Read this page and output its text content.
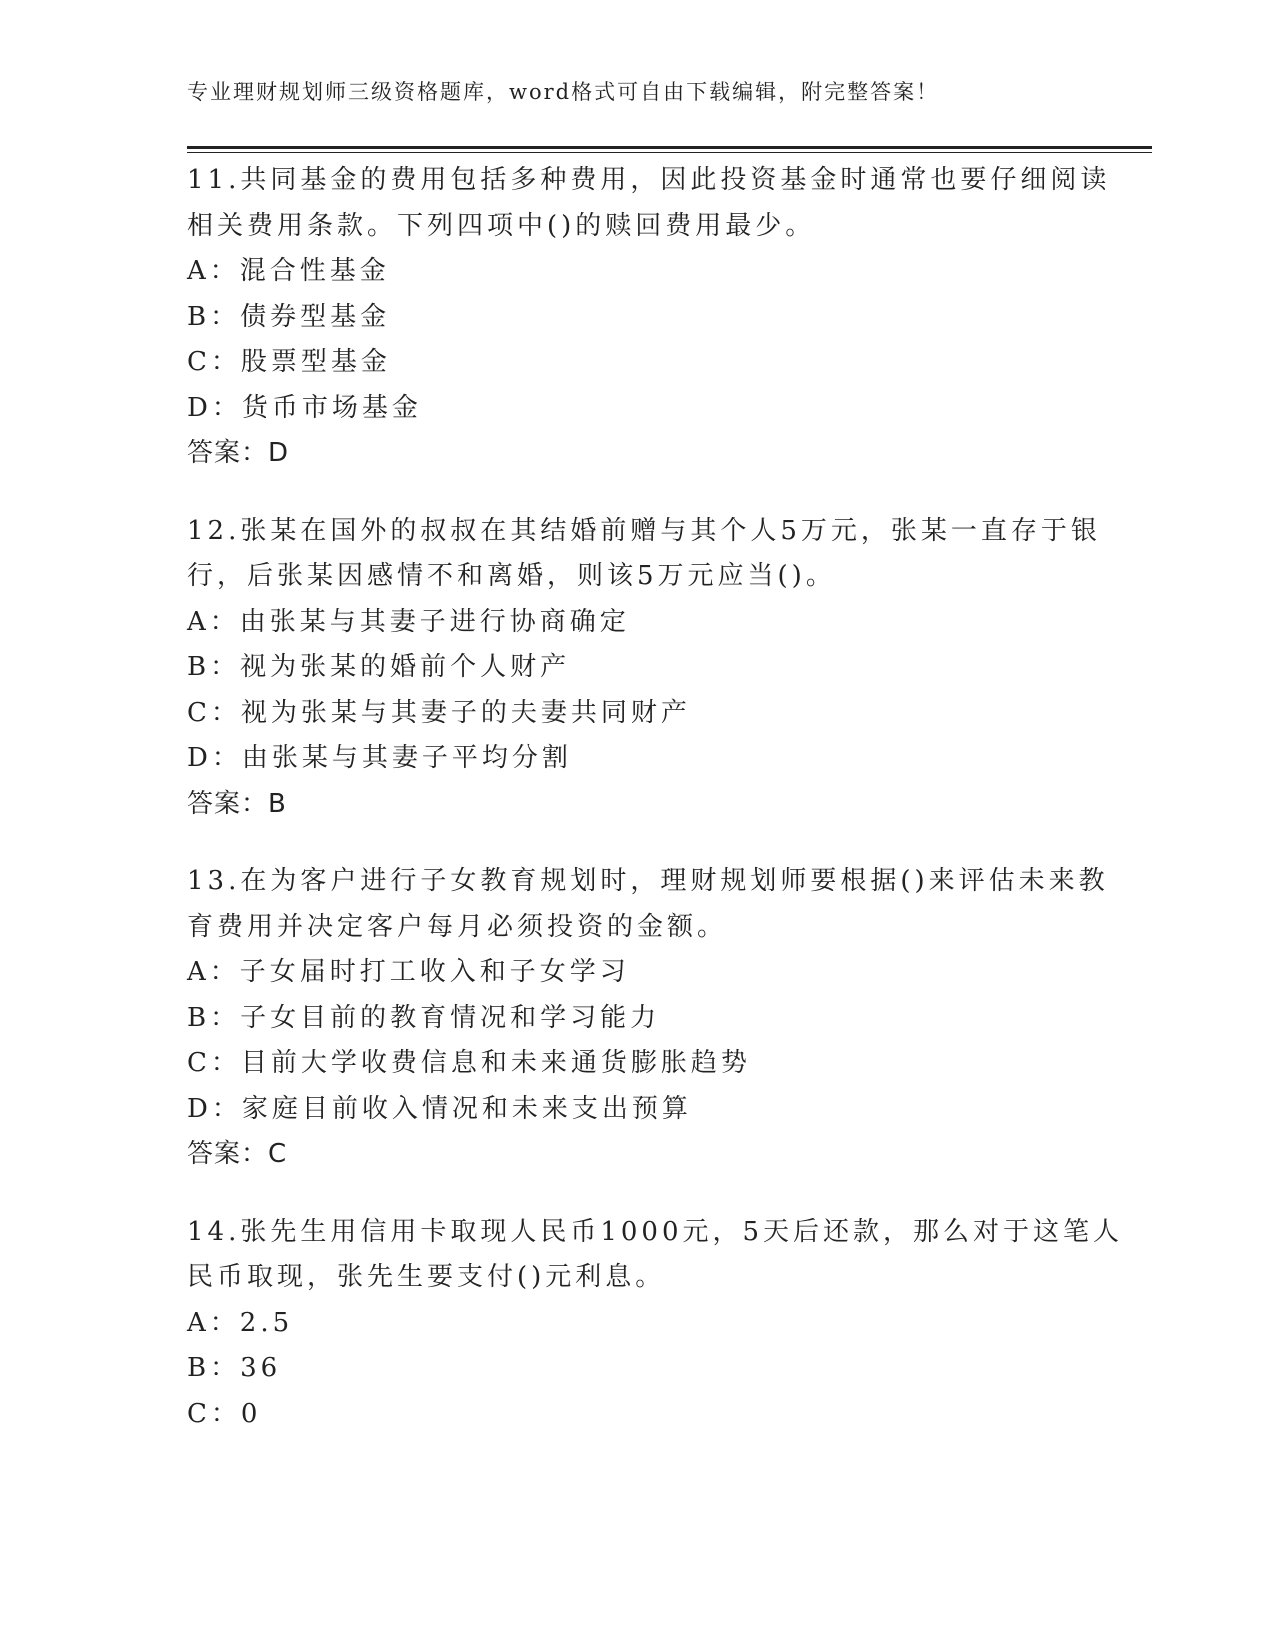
专业理财规划师三级资格题库，word格式可自由下载编辑，附完整答案！
11.共同基金的费用包括多种费用，因此投资基金时通常也要仔细阅读
相关费用条款。下列四项中()的赎回费用最少。
A：混合性基金
B：债券型基金
C：股票型基金
D：货币市场基金
答案：D
12.张某在国外的叔叔在其结婚前赠与其个人5万元，张某一直存于银
行，后张某因感情不和离婚，则该5万元应当()。
A：由张某与其妻子进行协商确定
B：视为张某的婚前个人财产
C：视为张某与其妻子的夫妻共同财产
D：由张某与其妻子平均分割
答案：B
13.在为客户进行子女教育规划时，理财规划师要根据()来评估未来教
育费用并决定客户每月必须投资的金额。
A：子女届时打工收入和子女学习
B：子女目前的教育情况和学习能力
C：目前大学收费信息和未来通货膨胀趋势
D：家庭目前收入情况和未来支出预算
答案：C
14.张先生用信用卡取现人民币1000元，5天后还款，那么对于这笔人
民币取现，张先生要支付()元利息。
A：2.5
B：36
C：0
